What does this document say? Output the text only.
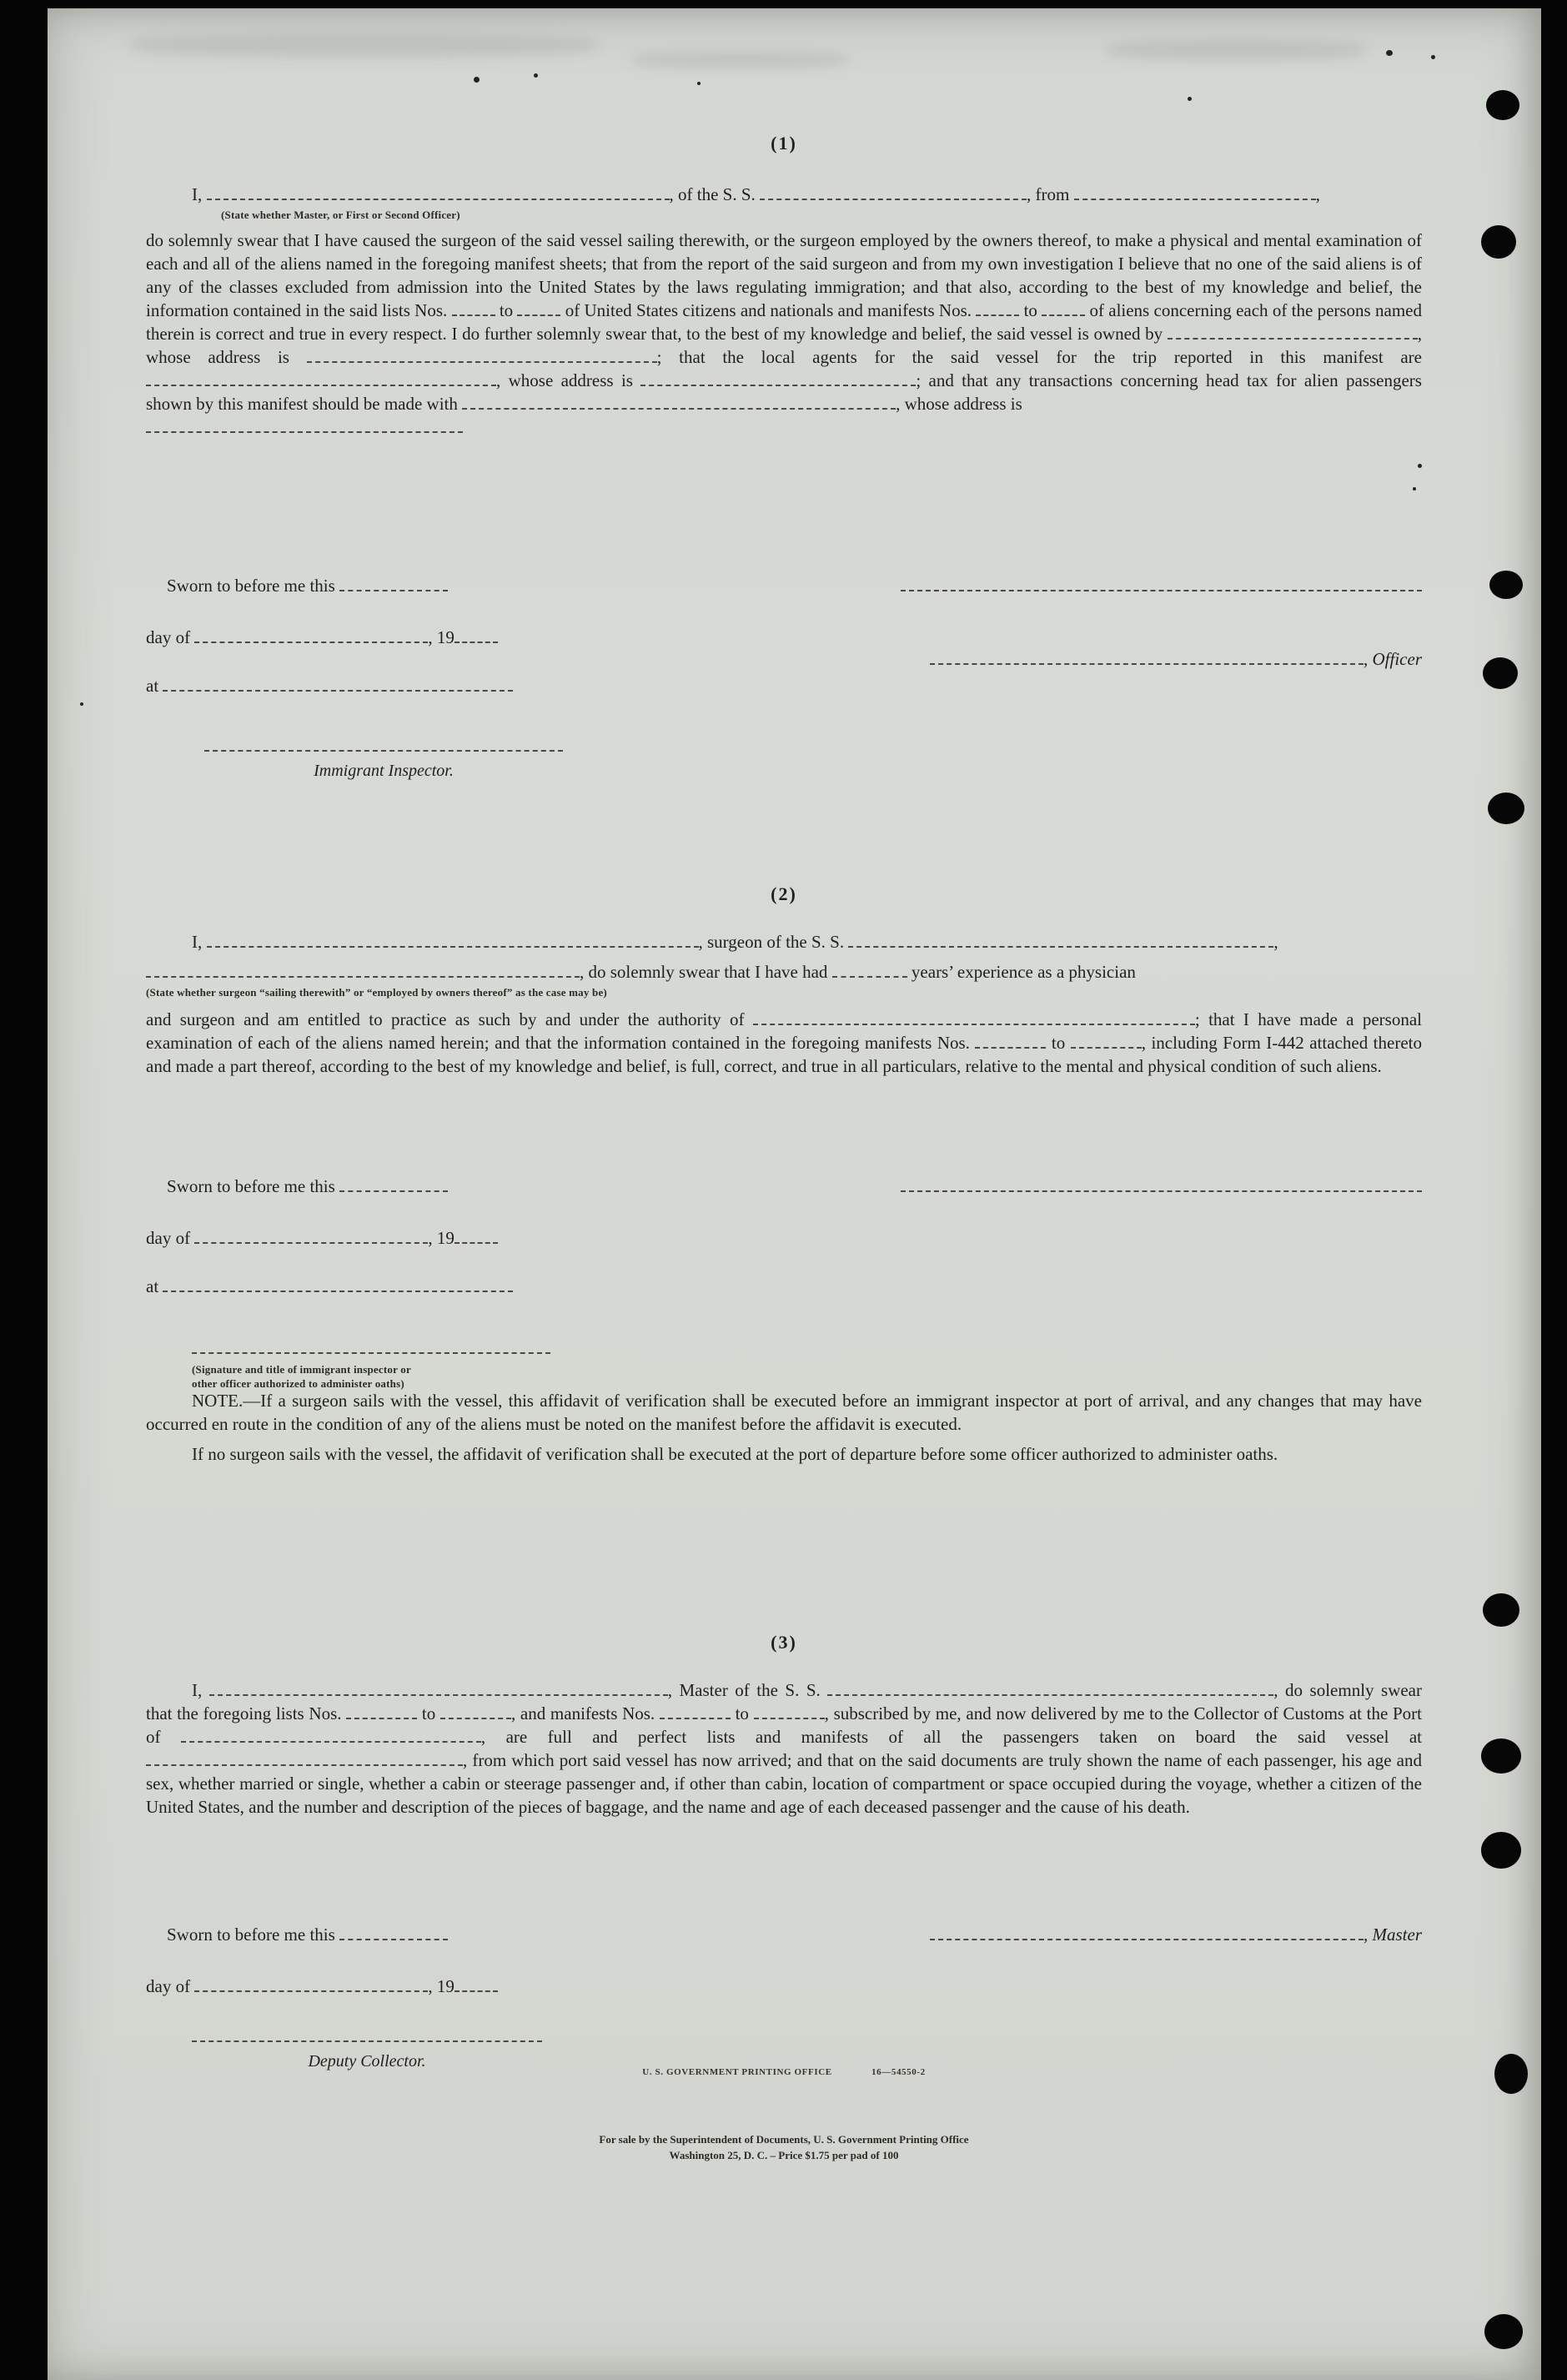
(1)
I,	, of the S. S.	, from	,
(State whether Master, or First or Second Officer)

do solemnly swear that I have caused the surgeon of the said vessel sailing therewith, or the surgeon employed by the owners thereof, to make a physical and mental examination of each and all of the aliens named in the foregoing manifest sheets; that from the report of the said surgeon and from my own investigation I believe that no one of the said aliens is of any of the classes excluded from admission into the United States by the laws regulating immigration; and that also, according to the best of my knowledge and belief, the information contained in the said lists Nos.  to  of United States citizens and nationals and manifests Nos.  to  of aliens concerning each of the persons named therein is correct and true in every respect. I do further solemnly swear that, to the best of my knowledge and belief, the said vessel is owned by	, whose address is	; that the local agents for the said vessel for the trip reported in this manifest are , whose address is	; and that any transactions concerning head tax for alien passengers shown by this manifest should be made with	, whose address is

Sworn to before me this
day of	, 19
, Officer
at
Immigrant Inspector.
(2)
I,	, surgeon of the S. S.	,
, do solemnly swear that I have had	years’ experience as a physician
(State whether surgeon “sailing therewith” or “employed by owners thereof” as the case may be)

and surgeon and am entitled to practice as such by and under the authority of	; that I have made a personal examination of each of the aliens named herein; and that the information contained in the foregoing manifests Nos.	to	, including Form I-442 attached thereto and made a part thereof, according to the best of my knowledge and belief, is full, correct, and true in all particulars, relative to the mental and physical condition of such aliens.

Sworn to before me this
day of	, 19
at
(Signature and title of immigrant inspector or
other officer authorized to administer oaths)

NOTE.—If a surgeon sails with the vessel, this affidavit of verification shall be executed before an immigrant inspector at port of arrival, and any changes that may have occurred en route in the condition of any of the aliens must be noted on the manifest before the affidavit is executed.

If no surgeon sails with the vessel, the affidavit of verification shall be executed at the port of departure before some officer authorized to administer oaths.

(3)

I,	, Master of the S. S.	, do solemnly swear that the foregoing lists Nos.	to	, and manifests Nos.	to	, subscribed by me, and now delivered by me to the Collector of Customs at the Port of	, are full and perfect lists and manifests of all the passengers taken on board the said vessel at , from which port said vessel has now arrived; and that on the said documents are truly shown the name of each passenger, his age and sex, whether married or single, whether a cabin or steerage passenger and, if other than cabin, location of compartment or space occupied during the voyage, whether a citizen of the United States, and the number and description of the pieces of baggage, and the name and age of each deceased passenger and the cause of his death.

Sworn to before me this	, Master
day of	, 19
Deputy Collector.
U. S. GOVERNMENT PRINTING OFFICE	16—54550-2
For sale by the Superintendent of Documents, U. S. Government Printing Office
Washington 25, D. C. – Price $1.75 per pad of 100
